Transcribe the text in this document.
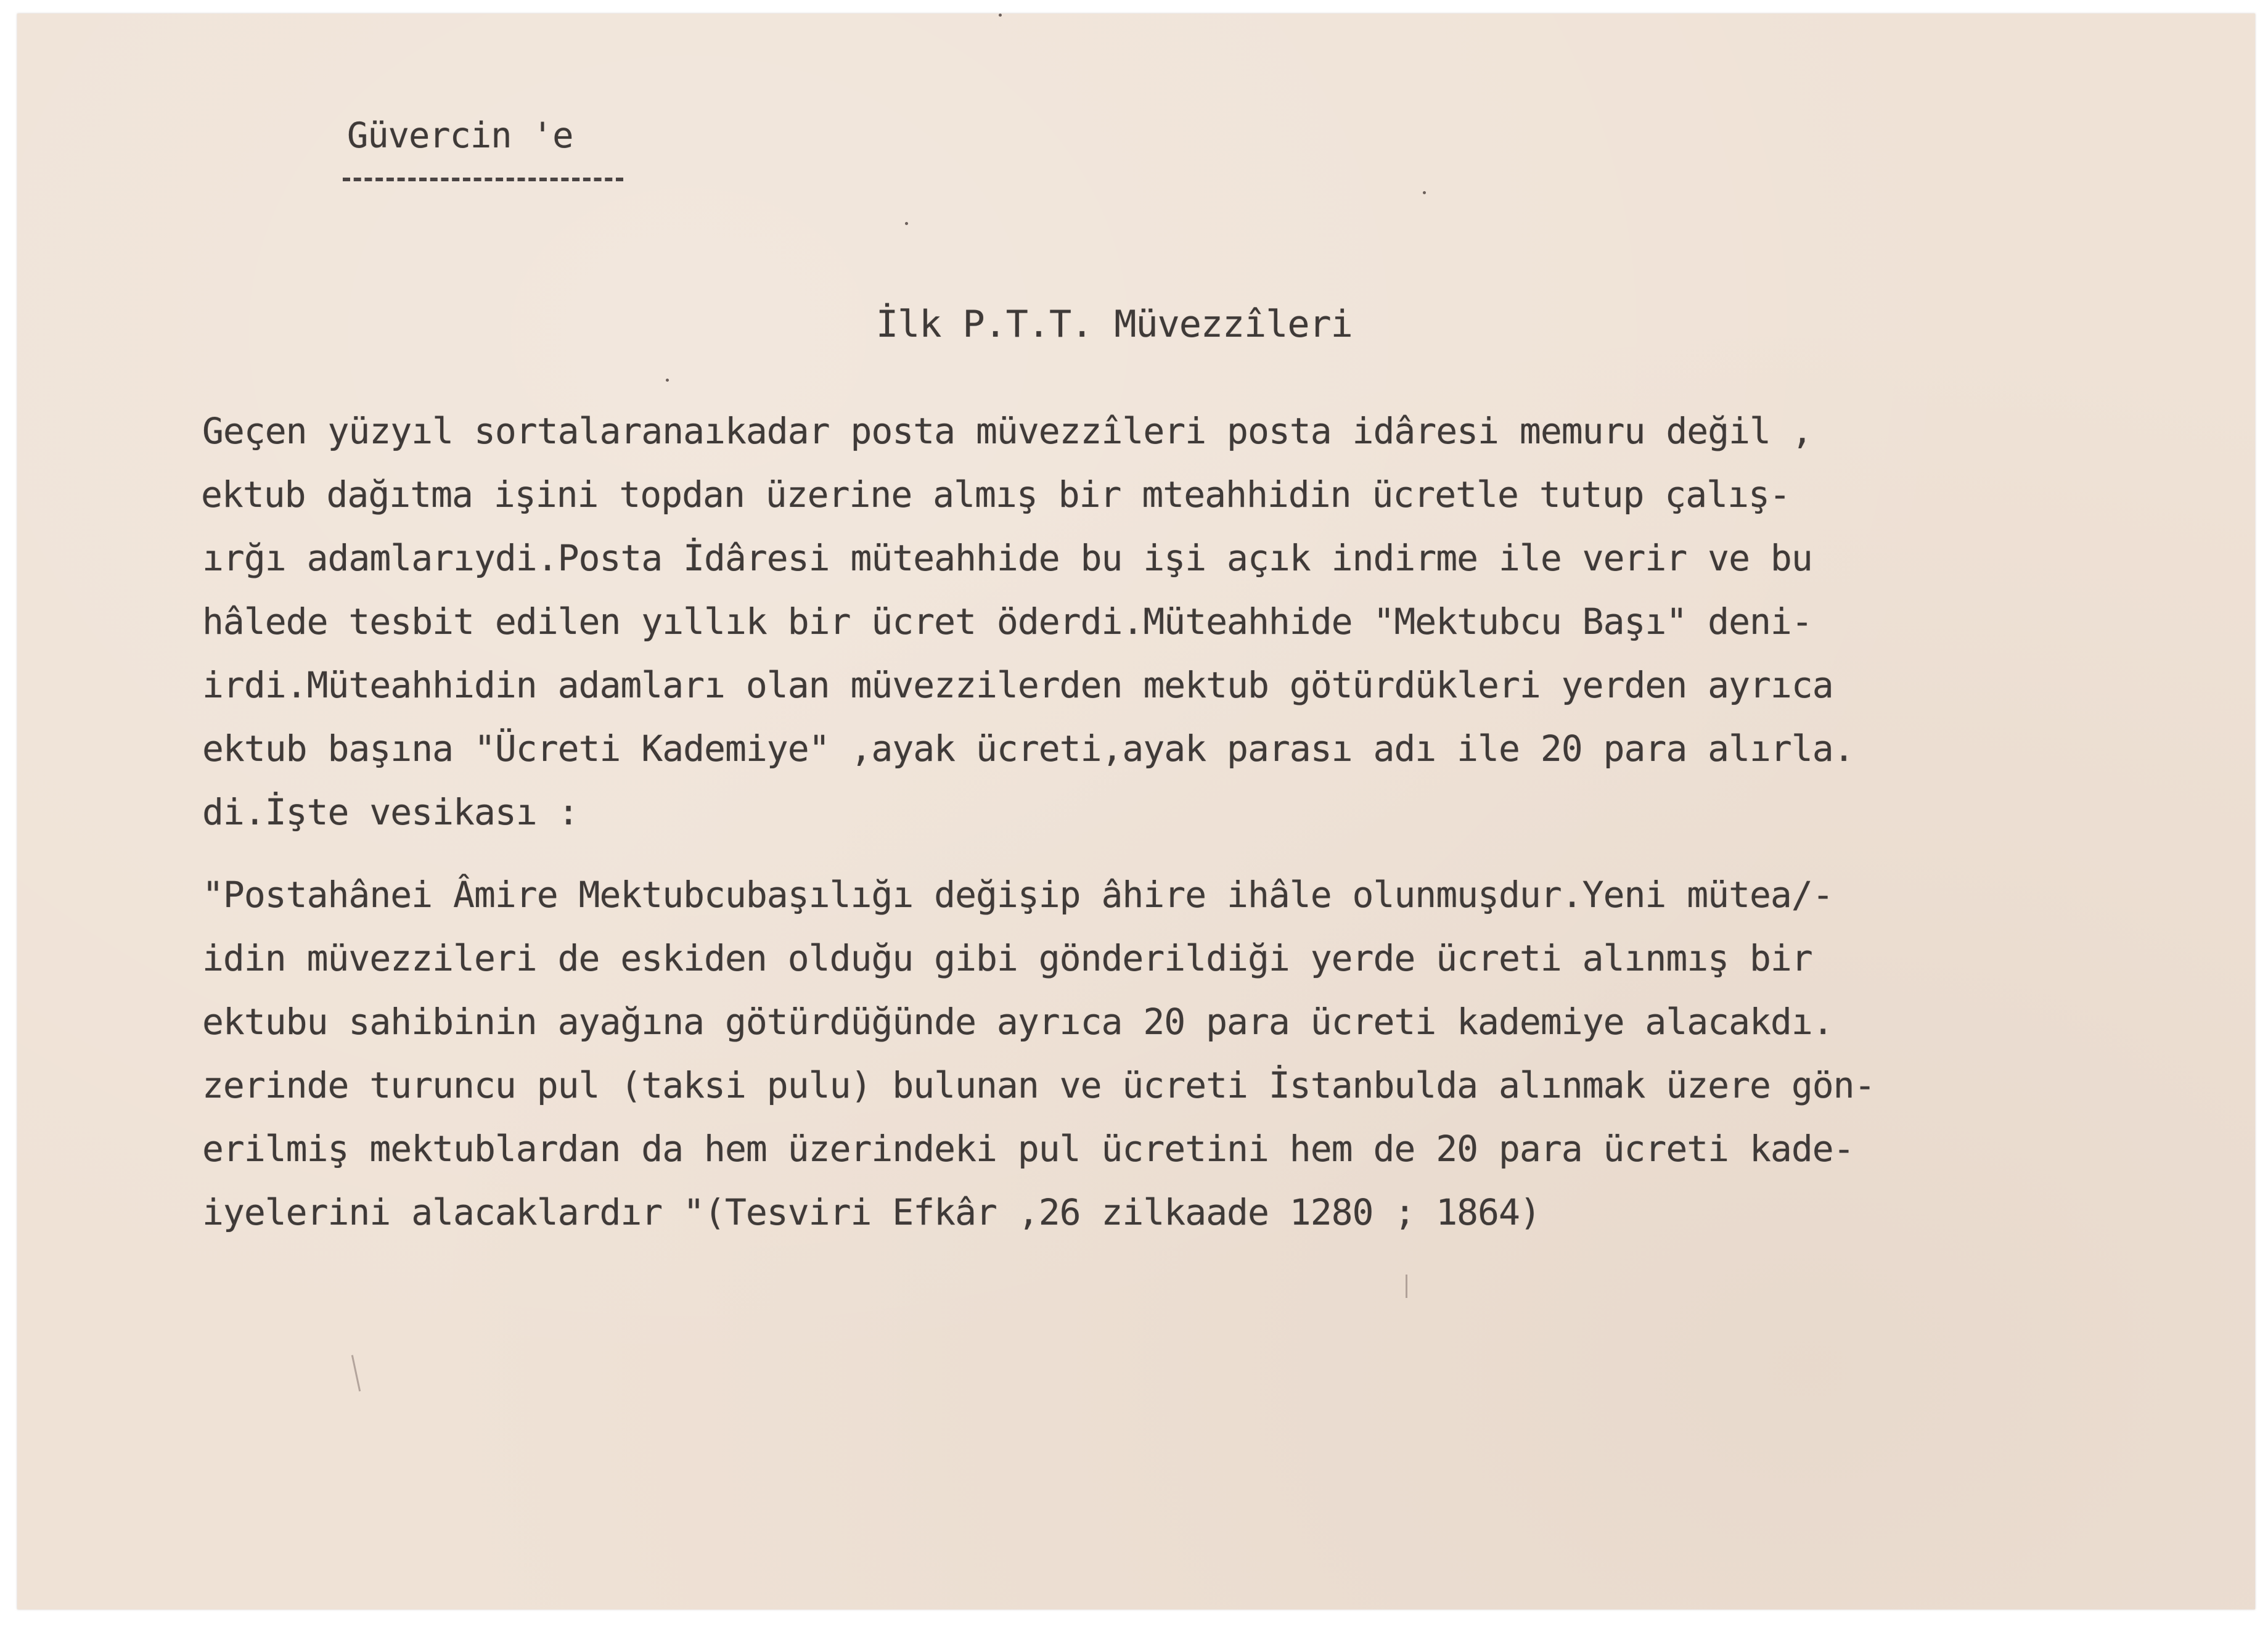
Güvercin 'e
İlk P.T.T. Müvezzîleri
Geçen yüzyıl sortalaranaıkadar posta müvezzîleri posta idâresi memuru değil ,
ektub dağıtma işini topdan üzerine almış bir mteahhidin ücretle tutup çalış-
ırğı adamlarıydi.Posta İdâresi müteahhide bu işi açık indirme ile verir ve bu
hâlede tesbit edilen yıllık bir ücret öderdi.Müteahhide "Mektubcu Başı" deni-
irdi.Müteahhidin adamları olan müvezzilerden mektub götürdükleri yerden ayrıca
ektub başına "Ücreti Kademiye" ,ayak ücreti,ayak parası adı ile 20 para alırla.
di.İşte vesikası :
"Postahânei Âmire Mektubcubaşılığı değişip âhire ihâle olunmuşdur.Yeni mütea/-
idin müvezzileri de eskiden olduğu gibi gönderildiği yerde ücreti alınmış bir
ektubu sahibinin ayağına götürdüğünde ayrıca 20 para ücreti kademiye alacakdı.
zerinde turuncu pul (taksi pulu) bulunan ve ücreti İstanbulda alınmak üzere gön-
erilmiş mektublardan da hem üzerindeki pul ücretini hem de 20 para ücreti kade-
iyelerini alacaklardır "(Tesviri Efkâr ,26 zilkaade 1280 ; 1864)
